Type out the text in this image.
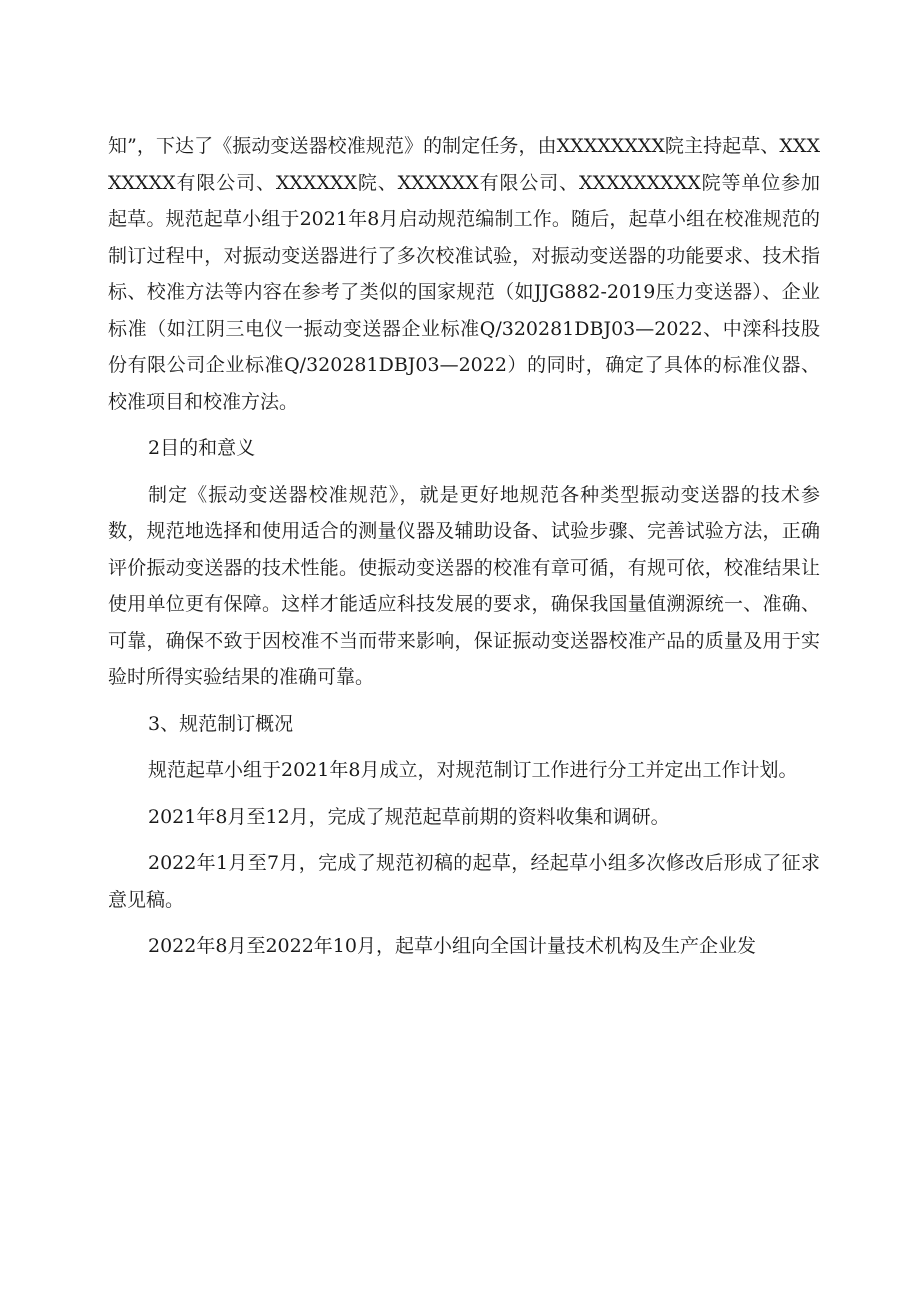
知”，下达了《振动变送器校准规范》的制定任务，由XXXXXXXX院主持起草、XXXXXXXX有限公司、XXXXXX院、XXXXXX有限公司、XXXXXXXXX院等单位参加起草。规范起草小组于2021年8月启动规范编制工作。随后，起草小组在校准规范的制订过程中，对振动变送器进行了多次校准试验，对振动变送器的功能要求、技术指标、校准方法等内容在参考了类似的国家规范（如JJG882-2019压力变送器）、企业标准（如江阴三电仪一振动变送器企业标准Q/320281DBJ03—2022、中滦科技股份有限公司企业标准Q/320281DBJ03—2022）的同时，确定了具体的标准仪器、校准项目和校准方法。

2目的和意义

制定《振动变送器校准规范》，就是更好地规范各种类型振动变送器的技术参数，规范地选择和使用适合的测量仪器及辅助设备、试验步骤、完善试验方法，正确评价振动变送器的技术性能。使振动变送器的校准有章可循，有规可依，校准结果让使用单位更有保障。这样才能适应科技发展的要求，确保我国量值溯源统一、准确、可靠，确保不致于因校准不当而带来影响，保证振动变送器校准产品的质量及用于实验时所得实验结果的准确可靠。

3、规范制订概况

规范起草小组于2021年8月成立，对规范制订工作进行分工并定出工作计划。

2021年8月至12月，完成了规范起草前期的资料收集和调研。

2022年1月至7月，完成了规范初稿的起草，经起草小组多次修改后形成了征求意见稿。

2022年8月至2022年10月，起草小组向全国计量技术机构及生产企业发
